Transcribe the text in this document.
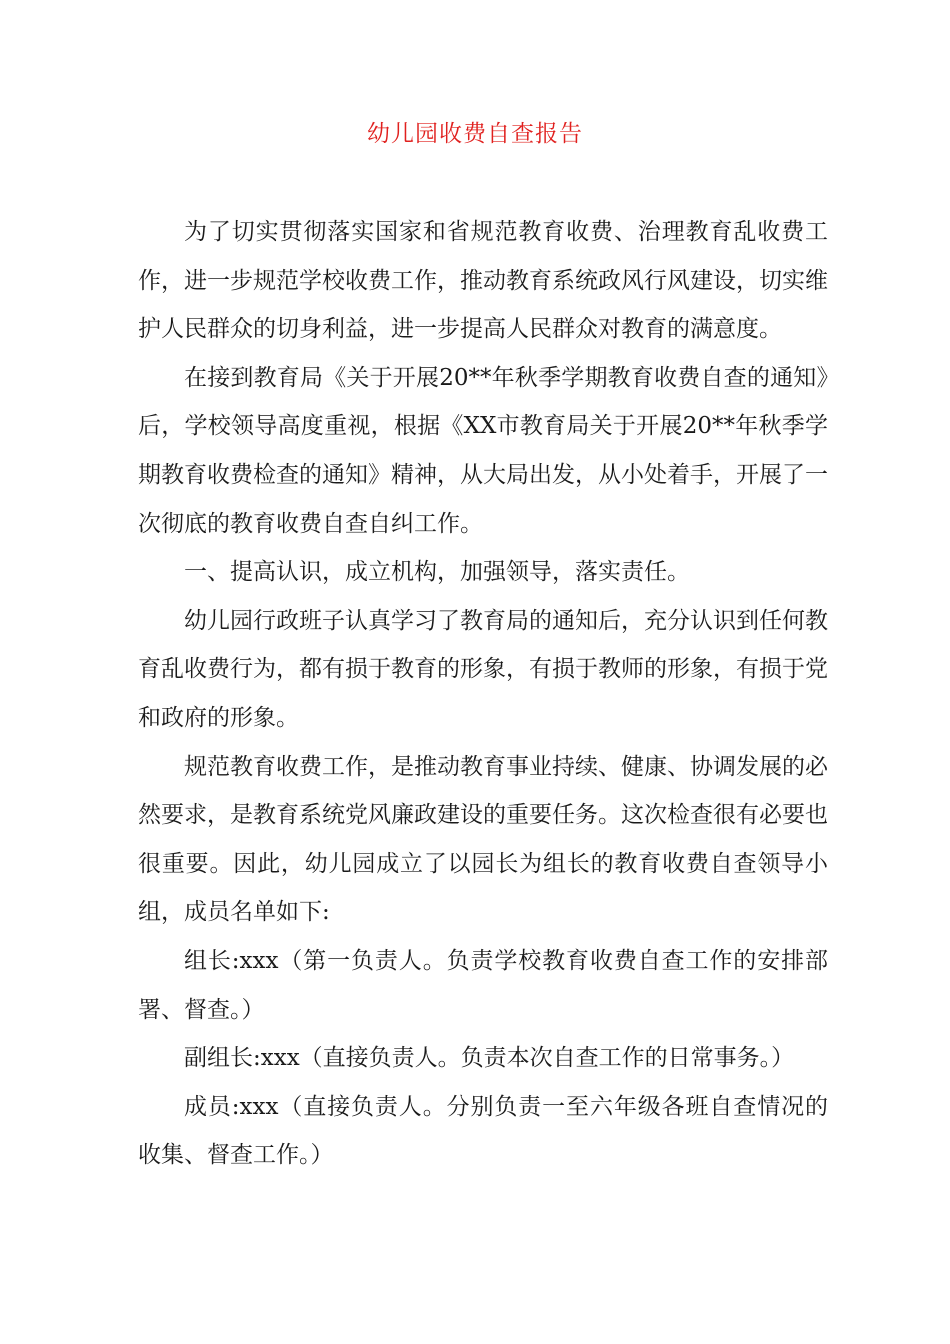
幼儿园收费自查报告

为了切实贯彻落实国家和省规范教育收费、治理教育乱收费工作，进一步规范学校收费工作，推动教育系统政风行风建设，切实维护人民群众的切身利益，进一步提高人民群众对教育的满意度。

在接到教育局《关于开展20**年秋季学期教育收费自查的通知》后，学校领导高度重视，根据《XX市教育局关于开展20**年秋季学期教育收费检查的通知》精神，从大局出发，从小处着手，开展了一次彻底的教育收费自查自纠工作。

一、提高认识，成立机构，加强领导，落实责任。

幼儿园行政班子认真学习了教育局的通知后，充分认识到任何教育乱收费行为，都有损于教育的形象，有损于教师的形象，有损于党和政府的形象。

规范教育收费工作，是推动教育事业持续、健康、协调发展的必然要求，是教育系统党风廉政建设的重要任务。这次检查很有必要也很重要。因此，幼儿园成立了以园长为组长的教育收费自查领导小组，成员名单如下:

组长:xxx（第一负责人。负责学校教育收费自查工作的安排部署、督查。）

副组长:xxx（直接负责人。负责本次自查工作的日常事务。）

成员:xxx（直接负责人。分别负责一至六年级各班自查情况的收集、督查工作。）
